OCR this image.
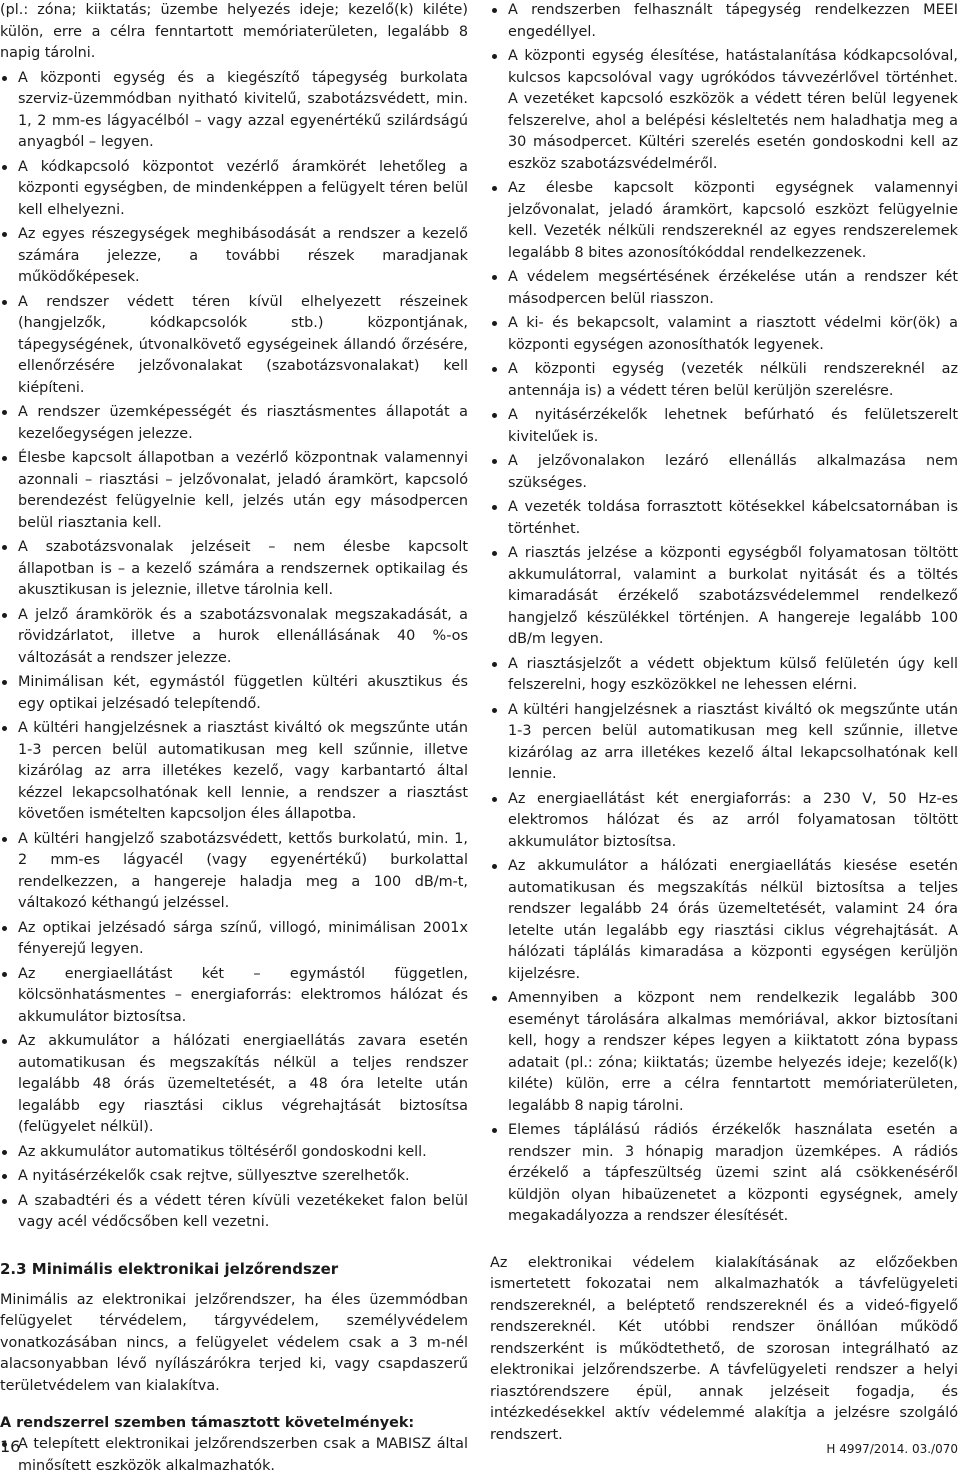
(pl.: zóna; kiiktatás; üzembe helyezés ideje; kezelő(k) kiléte) külön, erre a célra fenntartott memóriaterületen, legalább 8 napig tárolni.

A központi egység és a kiegészítő tápegység burkolata szerviz-üzemmódban nyitható kivitelű, szabotázsvédett, min. 1, 2 mm-es lágyacélból – vagy azzal egyenértékű szilárdságú anyagból – legyen.
A kódkapcsoló központot vezérlő áramkörét lehetőleg a központi egységben, de mindenképpen a felügyelt téren belül kell elhelyezni.
Az egyes részegységek meghibásodását a rendszer a kezelő számára jelezze, a további részek maradjanak működőképesek.
A rendszer védett téren kívül elhelyezett részeinek (hangjelzők, kódkapcsolók stb.) központjának, tápegységének, útvonalkövető egységeinek állandó őrzésére, ellenőrzésére jelzővonalakat (szabotázsvonalakat) kell kiépíteni.
A rendszer üzemképességét és riasztásmentes állapotát a kezelőegységen jelezze.
Élesbe kapcsolt állapotban a vezérlő központnak valamennyi azonnali – riasztási – jelzővonalat, jeladó áramkört, kapcsoló berendezést felügyelnie kell, jelzés után egy másodpercen belül riasztania kell.
A szabotázsvonalak jelzéseit – nem élesbe kapcsolt állapotban is – a kezelő számára a rendszernek optikailag és akusztikusan is jeleznie, illetve tárolnia kell.
A jelző áramkörök és a szabotázsvonalak megszakadását, a rövidzárlatot, illetve a hurok ellenállásának 40 %-os változását a rendszer jelezze.
Minimálisan két, egymástól független kültéri akusztikus és egy optikai jelzésadó telepítendő.
A kültéri hangjelzésnek a riasztást kiváltó ok megszűnte után 1-3 percen belül automatikusan meg kell szűnnie, illetve kizárólag az arra illetékes kezelő, vagy karbantartó által kézzel lekapcsolhatónak kell lennie, a rendszer a riasztást követően ismételten kapcsoljon éles állapotba.
A kültéri hangjelző szabotázsvédett, kettős burkolatú, min. 1, 2 mm-es lágyacél (vagy egyenértékű) burkolattal rendelkezzen, a hangereje haladja meg a 100 dB/m-t, váltakozó kéthangú jelzéssel.
Az optikai jelzésadó sárga színű, villogó, minimálisan 2001x fényerejű legyen.
Az energiaellátást két – egymástól független, kölcsönhatásmentes – energiaforrás: elektromos hálózat és akkumulátor biztosítsa.
Az akkumulátor a hálózati energiaellátás zavara esetén automatikusan és megszakítás nélkül a teljes rendszer legalább 48 órás üzemeltetését, a 48 óra letelte után legalább egy riasztási ciklus végrehajtását biztosítsa (felügyelet nélkül).
Az akkumulátor automatikus töltéséről gondoskodni kell.
A nyitásérzékelők csak rejtve, süllyesztve szerelhetők.
A szabadtéri és a védett téren kívüli vezetékeket falon belül vagy acél védőcsőben kell vezetni.
2.3 Minimális elektronikai jelzőrendszer

Minimális az elektronikai jelzőrendszer, ha éles üzemmódban felügyelet térvédelem, tárgyvédelem, személyvédelem vonatkozásában nincs, a felügyelet védelem csak a 3 m-nél alacsonyabban lévő nyílászárókra terjed ki, vagy csapdaszerű területvédelem van kialakítva.

A rendszerrel szemben támasztott követelmények:

A telepített elektronikai jelzőrendszerben csak a MABISZ által minősített eszközök alkalmazhatók.
A rendszerben felhasznált tápegység rendelkezzen MEEI engedéllyel.
A központi egység élesítése, hatástalanítása kódkapcsolóval, kulcsos kapcsolóval vagy ugrókódos távvezérlővel történhet. A vezetéket kapcsoló eszközök a védett téren belül legyenek felszerelve, ahol a belépési késleltetés nem haladhatja meg a 30 másodpercet. Kültéri szerelés esetén gondoskodni kell az eszköz szabotázsvédelméről.
Az élesbe kapcsolt központi egységnek valamennyi jelzővonalat, jeladó áramkört, kapcsoló eszközt felügyelnie kell. Vezeték nélküli rendszereknél az egyes rendszerelemek legalább 8 bites azonosítókóddal rendelkezzenek.
A védelem megsértésének érzékelése után a rendszer két másodpercen belül riasszon.
A ki- és bekapcsolt, valamint a riasztott védelmi kör(ök) a központi egységen azonosíthatók legyenek.
A központi egység (vezeték nélküli rendszereknél az antennája is) a védett téren belül kerüljön szerelésre.
A nyitásérzékelők lehetnek befúrható és felületszerelt kivitelűek is.
A jelzővonalakon lezáró ellenállás alkalmazása nem szükséges.
A vezeték toldása forrasztott kötésekkel kábelcsatornában is történhet.
A riasztás jelzése a központi egységből folyamatosan töltött akkumulátorral, valamint a burkolat nyitását és a töltés kimaradását érzékelő szabotázsvédelemmel rendelkező hangjelző készülékkel történjen. A hangereje legalább 100 dB/m legyen.
A riasztásjelzőt a védett objektum külső felületén úgy kell felszerelni, hogy eszközökkel ne lehessen elérni.
A kültéri hangjelzésnek a riasztást kiváltó ok megszűnte után 1-3 percen belül automatikusan meg kell szűnnie, illetve kizárólag az arra illetékes kezelő által lekapcsolhatónak kell lennie.
Az energiaellátást két energiaforrás: a 230 V, 50 Hz-es elektromos hálózat és az arról folyamatosan töltött akkumulátor biztosítsa.
Az akkumulátor a hálózati energiaellátás kiesése esetén automatikusan és megszakítás nélkül biztosítsa a teljes rendszer legalább 24 órás üzemeltetését, valamint 24 óra letelte után legalább egy riasztási ciklus végrehajtását. A hálózati táplálás kimaradása a központi egységen kerüljön kijelzésre.
Amennyiben a központ nem rendelkezik legalább 300 eseményt tárolására alkalmas memóriával, akkor biztosítani kell, hogy a rendszer képes legyen a kiiktatott zóna bypass adatait (pl.: zóna; kiiktatás; üzembe helyezés ideje; kezelő(k) kiléte) külön, erre a célra fenntartott memóriaterületen, legalább 8 napig tárolni.
Elemes táplálású rádiós érzékelők használata esetén a rendszer min. 3 hónapig maradjon üzemképes. A rádiós érzékelő a tápfeszültség üzemi szint alá csökkenéséről küldjön olyan hibaüzenetet a központi egységnek, amely megakadályozza a rendszer élesítését.

Az elektronikai védelem kialakításának az előzőekben ismertetett fokozatai nem alkalmazhatók a távfelügyeleti rendszereknél, a beléptető rendszereknél és a videó-figyelő rendszereknél. Két utóbbi rendszer önállóan működő rendszerként is működtethető, de szorosan integrálható az elektronikai jelzőrendszerbe. A távfelügyeleti rendszer a helyi riasztórendszere épül, annak jelzéseit fogadja, és intézkedésekkel aktív védelemmé alakítja a jelzésre szolgáló rendszert.

16	H 4997/2014. 03./070
